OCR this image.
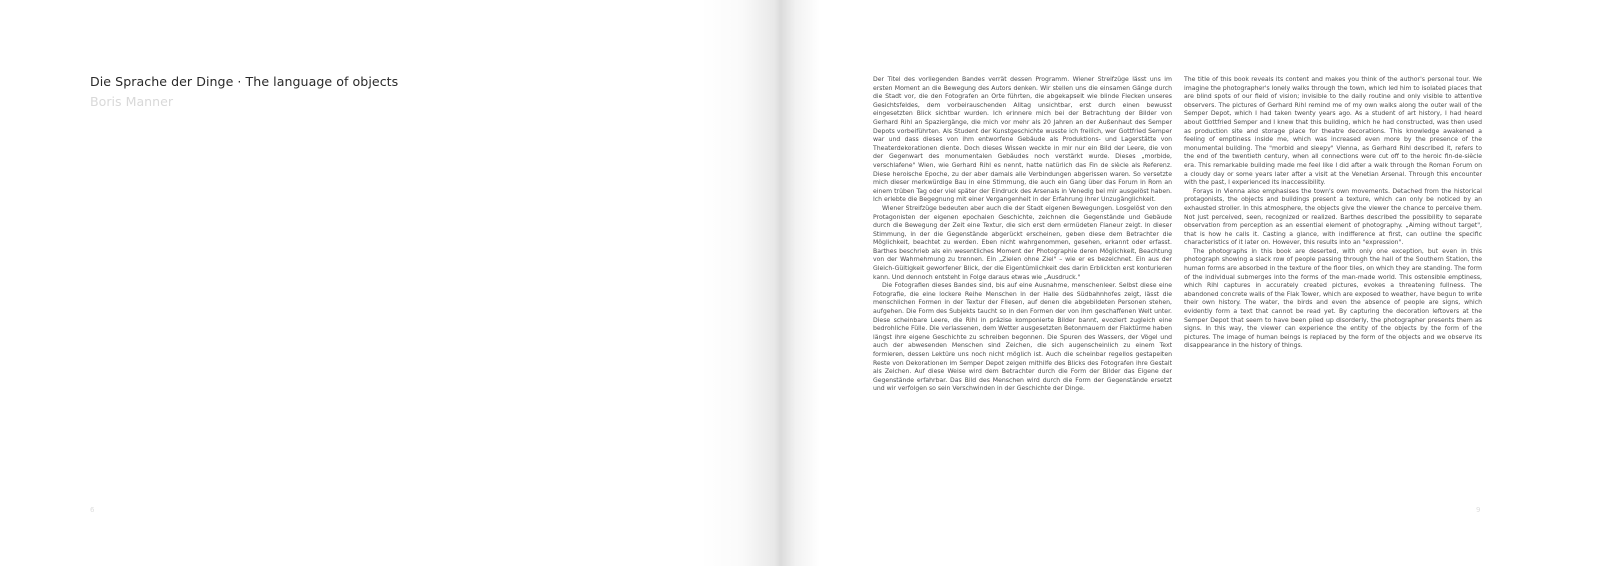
Die Sprache der Dinge · The language of objects
Boris Manner
6

Der Titel des vorliegenden Bandes verrät dessen Programm. Wiener Streifzüge lässt uns im ersten Moment an die Bewegung des Autors denken. Wir stellen uns die einsamen Gänge durch die Stadt vor, die den Fotografen an Orte führten, die abgekapselt wie blinde Flecken unseres Gesichtsfeldes, dem vorbeirauschenden Alltag unsichtbar, erst durch einen bewusst eingesetzten Blick sichtbar wurden. Ich erinnere mich bei der Betrachtung der Bilder von Gerhard Rihl an Spaziergänge, die mich vor mehr als 20 Jahren an der Außenhaut des Semper Depots vorbeiführten. Als Student der Kunstgeschichte wusste ich freilich, wer Gottfried Semper war und dass dieses von ihm entworfene Gebäude als Produktions- und Lagerstätte von Theaterdekorationen diente. Doch dieses Wissen weckte in mir nur ein Bild der Leere, die von der Gegenwart des monumentalen Gebäudes noch verstärkt wurde. Dieses „morbide, verschlafene" Wien, wie Gerhard Rihl es nennt, hatte natürlich das Fin de siècle als Referenz. Diese heroische Epoche, zu der aber damals alle Verbindungen abgerissen waren. So versetzte mich dieser merkwürdige Bau in eine Stimmung, die auch ein Gang über das Forum in Rom an einem trüben Tag oder viel später der Eindruck des Arsenals in Venedig bei mir ausgelöst haben. Ich erlebte die Begegnung mit einer Vergangenheit in der Erfahrung ihrer Unzugänglichkeit.

Wiener Streifzüge bedeuten aber auch die der Stadt eigenen Bewegungen. Losgelöst von den Protagonisten der eigenen epochalen Geschichte, zeichnen die Gegenstände und Gebäude durch die Bewegung der Zeit eine Textur, die sich erst dem ermüdeten Flaneur zeigt. In dieser Stimmung, in der die Gegenstände abgerückt erscheinen, geben diese dem Betrachter die Möglichkeit, beachtet zu werden. Eben nicht wahrgenommen, gesehen, erkannt oder erfasst. Barthes beschrieb als ein wesentliches Moment der Photographie deren Möglichkeit, Beachtung von der Wahrnehmung zu trennen. Ein „Zielen ohne Ziel" – wie er es bezeichnet. Ein aus der Gleich-Gültigkeit geworfener Blick, der die Eigentümlichkeit des darin Erblickten erst konturieren kann. Und dennoch entsteht in Folge daraus etwas wie „Ausdruck."

Die Fotografien dieses Bandes sind, bis auf eine Ausnahme, menschenleer. Selbst diese eine Fotografie, die eine lockere Reihe Menschen in der Halle des Südbahnhofes zeigt, lässt die menschlichen Formen in der Textur der Fliesen, auf denen die abgebildeten Personen stehen, aufgehen. Die Form des Subjekts taucht so in den Formen der von ihm geschaffenen Welt unter. Diese scheinbare Leere, die Rihl in präzise komponierte Bilder bannt, evoziert zugleich eine bedrohliche Fülle. Die verlassenen, dem Wetter ausgesetzten Betonmauern der Flaktürme haben längst ihre eigene Geschichte zu schreiben begonnen. Die Spuren des Wassers, der Vögel und auch der abwesenden Menschen sind Zeichen, die sich augenscheinlich zu einem Text formieren, dessen Lektüre uns noch nicht möglich ist. Auch die scheinbar regellos gestapelten Reste von Dekorationen im Semper Depot zeigen mithilfe des Blicks des Fotografen ihre Gestalt als Zeichen. Auf diese Weise wird dem Betrachter durch die Form der Bilder das Eigene der Gegenstände erfahrbar. Das Bild des Menschen wird durch die Form der Gegenstände ersetzt und wir verfolgen so sein Verschwinden in der Geschichte der Dinge.

The title of this book reveals its content and makes you think of the author's personal tour. We imagine the photographer's lonely walks through the town, which led him to isolated places that are blind spots of our field of vision; invisible to the daily routine and only visible to attentive observers. The pictures of Gerhard Rihl remind me of my own walks along the outer wall of the Semper Depot, which I had taken twenty years ago. As a student of art history, I had heard about Gottfried Semper and I knew that this building, which he had constructed, was then used as production site and storage place for theatre decorations. This knowledge awakened a feeling of emptiness inside me, which was increased even more by the presence of the monumental building. The "morbid and sleepy" Vienna, as Gerhard Rihl described it, refers to the end of the twentieth century, when all connections were cut off to the heroic fin-de-siècle era. This remarkable building made me feel like I did after a walk through the Roman Forum on a cloudy day or some years later after a visit at the Venetian Arsenal. Through this encounter with the past, I experienced its inaccessibility.

Forays in Vienna also emphasises the town's own movements. Detached from the historical protagonists, the objects and buildings present a texture, which can only be noticed by an exhausted stroller. In this atmosphere, the objects give the viewer the chance to perceive them. Not just perceived, seen, recognized or realized. Barthes described the possibility to separate observation from perception as an essential element of photography. „Aiming without target", that is how he calls it. Casting a glance, with indifference at first, can outline the specific characteristics of it later on. However, this results into an "expression".

The photographs in this book are deserted, with only one exception, but even in this photograph showing a slack row of people passing through the hall of the Southern Station, the human forms are absorbed in the texture of the floor tiles, on which they are standing. The form of the individual submerges into the forms of the man-made world. This ostensible emptiness, which Rihl captures in accurately created pictures, evokes a threatening fullness. The abandoned concrete walls of the Flak Tower, which are exposed to weather, have begun to write their own history. The water, the birds and even the absence of people are signs, which evidently form a text that cannot be read yet. By capturing the decoration leftovers at the Semper Depot that seem to have been piled up disorderly, the photographer presents them as signs. In this way, the viewer can experience the entity of the objects by the form of the pictures. The image of human beings is replaced by the form of the objects and we observe its disappearance in the history of things.

9
